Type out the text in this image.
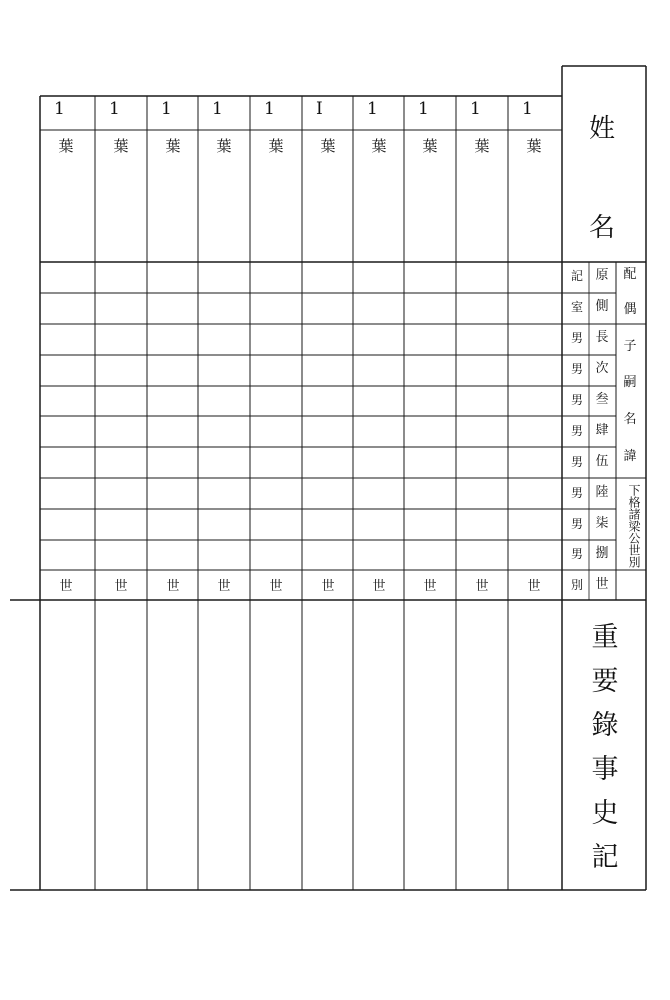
1	1	1	1	1	I	1	1	1	1
葉	葉	葉	葉	葉	葉	葉	葉	葉	葉
世	世	世	世	世	世	世	世	世	世
姓
名
記 原
室 側
男 長
男 次
男 叁
男 肆
男 伍
男 陸
男 柒
男 捌
別 世
配
偶
子
嗣
名
諱
下格諸梁公世別
重
要
錄
事
史
記
